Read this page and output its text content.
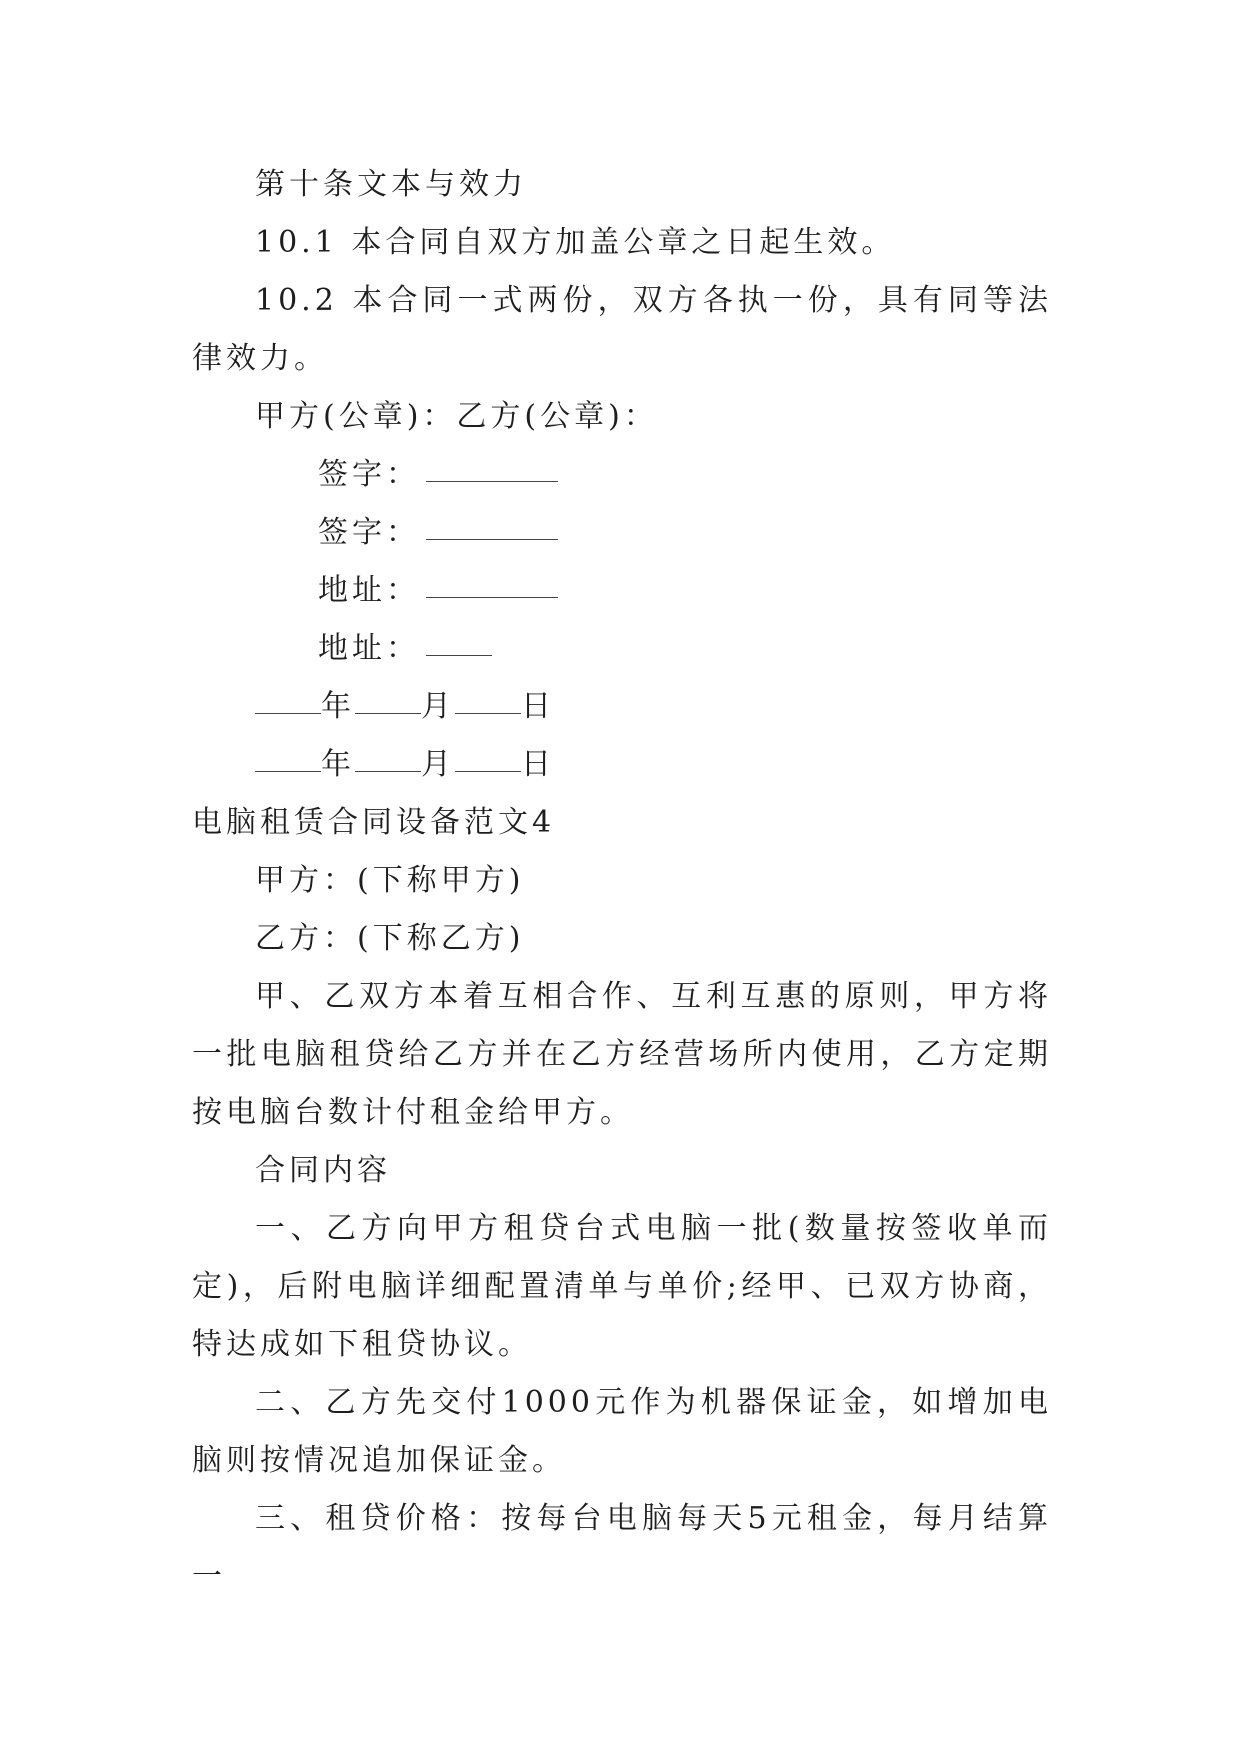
第十条文本与效力
10.1 本合同自双方加盖公章之日起生效。
10.2 本合同一式两份，双方各执一份，具有同等法律效力。
甲方(公章)：乙方(公章)：
签字：
签字：
地址：
地址：
年 月 日
年 月 日
电脑租赁合同设备范文4
甲方：(下称甲方)
乙方：(下称乙方)
甲、乙双方本着互相合作、互利互惠的原则，甲方将一批电脑租贷给乙方并在乙方经营场所内使用，乙方定期按电脑台数计付租金给甲方。
合同内容
一、乙方向甲方租贷台式电脑一批(数量按签收单而定)，后附电脑详细配置清单与单价;经甲、已双方协商，特达成如下租贷协议。
二、乙方先交付1000元作为机器保证金，如增加电脑则按情况追加保证金。
三、租贷价格：按每台电脑每天5元租金，每月结算一
